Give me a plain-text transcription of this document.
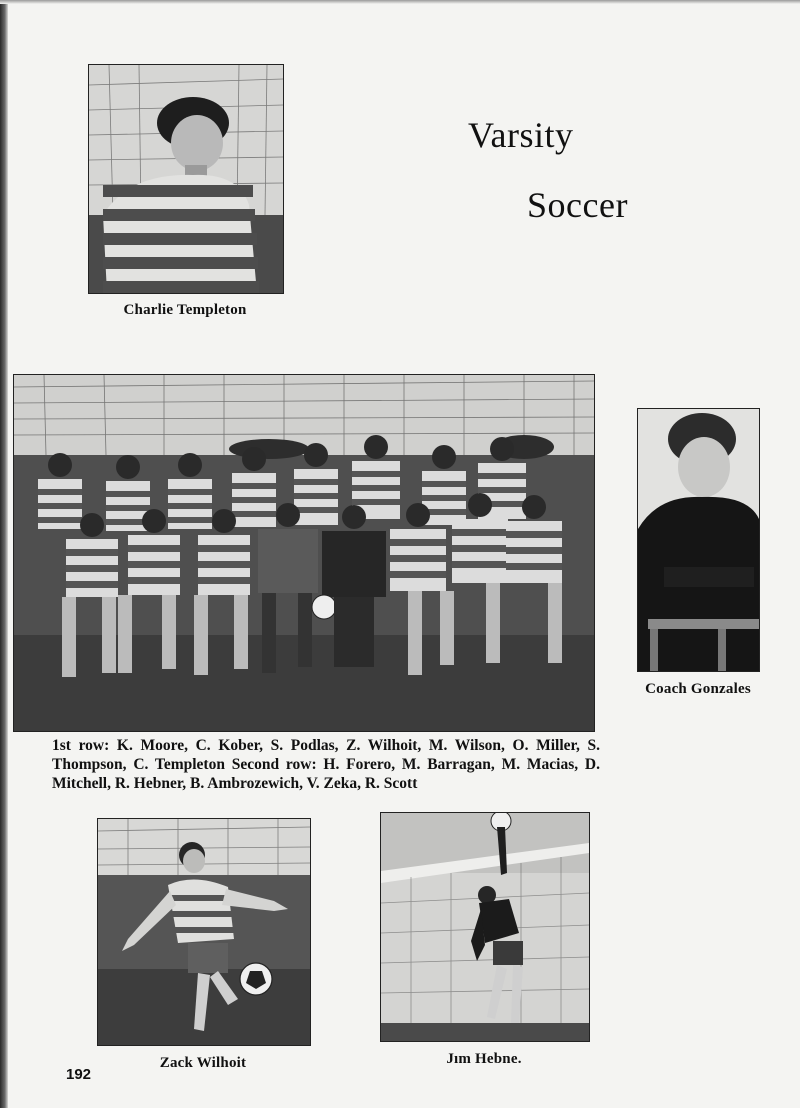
Varsity
Soccer
Charlie Templeton
1st row: K. Moore, C. Kober, S. Podlas, Z. Wilhoit, M. Wilson, O. Miller, S. Thompson, C. Templeton Second row: H. Forero, M. Barragan, M. Macias, D. Mitchell, R. Hebner, B. Ambrozewich, V. Zeka, R. Scott
Coach Gonzales
Zack Wilhoit	Jım Hebne.
192
